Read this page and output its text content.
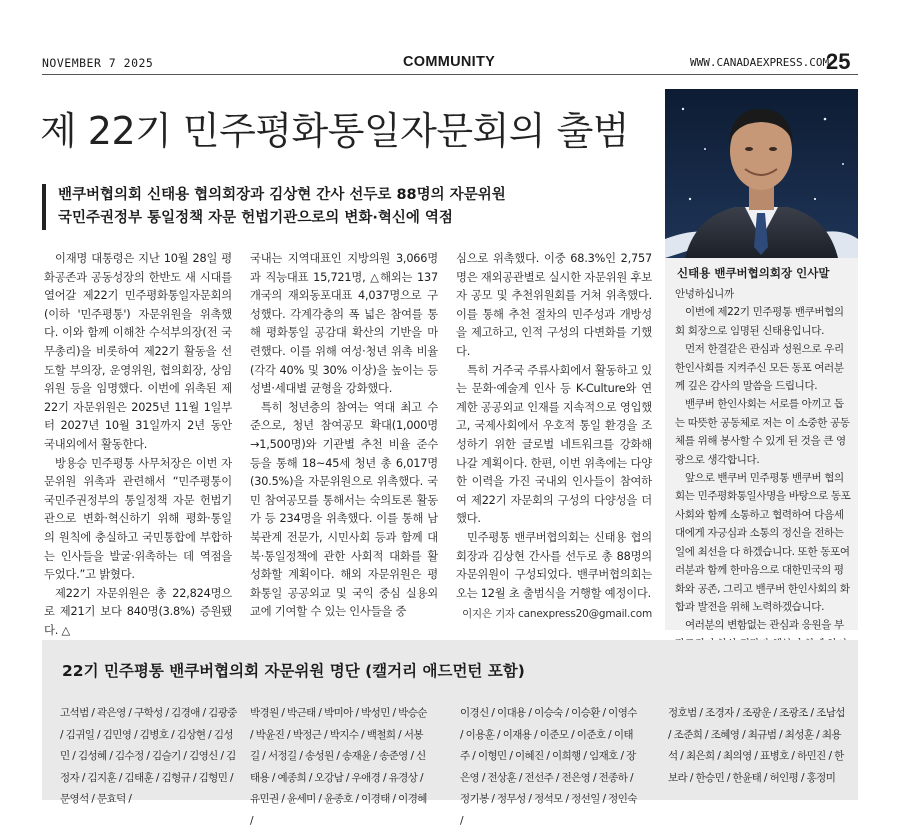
NOVEMBER 7 2025	COMMUNITY	WWW.CANADAEXPRESS.COM
25
제 22기 민주평화통일자문회의 출범
밴쿠버협의회 신태용 협의회장과 김상현 간사 선두로 88명의 자문위원
국민주권정부 통일정책 자문 헌법기관으로의 변화·혁신에 역점

이재명 대통령은 지난 10월 28일 평화공존과 공동성장의 한반도 새 시대를 열어갈 제22기 민주평화통일자문회의(이하 '민주평통') 자문위원을 위촉했다. 이와 함께 이해찬 수석부의장(전 국무총리)을 비롯하여 제22기 활동을 선도할 부의장, 운영위원, 협의회장, 상임위원 등을 임명했다. 이번에 위촉된 제22기 자문위원은 2025년 11월 1일부터 2027년 10월 31일까지 2년 동안 국내외에서 활동한다.

방용승 민주평통 사무처장은 이번 자문위원 위촉과 관련해서 “민주평통이 국민주권정부의 통일정책 자문 헌법기관으로 변화·혁신하기 위해 평화·통일의 원칙에 충실하고 국민통합에 부합하는 인사들을 발굴·위촉하는 데 역점을 두었다.”고 밝혔다.

제22기 자문위원은 총 22,824명으로 제21기 보다 840명(3.8%) 증원됐다. △

국내는 지역대표인 지방의원 3,066명과 직능대표 15,721명, △해외는 137개국의 재외동포대표 4,037명으로 구성했다. 각계각층의 폭 넓은 참여를 통해 평화통일 공감대 확산의 기반을 마련했다. 이를 위해 여성·청년 위촉 비율(각각 40% 및 30% 이상)을 높이는 등 성별·세대별 균형을 강화했다.

특히 청년층의 참여는 역대 최고 수준으로, 청년 참여공모 확대(1,000명→1,500명)와 기관별 추천 비율 준수 등을 통해 18~45세 청년 총 6,017명(30.5%)을 자문위원으로 위촉했다. 국민 참여공모를 통해서는 숙의토론 활동가 등 234명을 위촉했다. 이를 통해 남북관계 전문가, 시민사회 등과 함께 대북·통일정책에 관한 사회적 대화를 활성화할 계획이다. 해외 자문위원은 평화통일 공공외교 및 국익 중심 실용외교에 기여할 수 있는 인사들을 중

심으로 위촉했다. 이중 68.3%인 2,757명은 재외공관별로 실시한 자문위원 후보자 공모 및 추천위원회를 거쳐 위촉했다. 이를 통해 추천 절차의 민주성과 개방성을 제고하고, 인적 구성의 다변화를 기했다.

특히 거주국 주류사회에서 활동하고 있는 문화·예술계 인사 등 K-Culture와 연계한 공공외교 인재를 지속적으로 영입했고, 국제사회에서 우호적 통일 환경을 조성하기 위한 글로벌 네트워크를 강화해 나갈 계획이다. 한편, 이번 위촉에는 다양한 이력을 가진 국내외 인사들이 참여하여 제22기 자문회의 구성의 다양성을 더했다.

민주평통 밴쿠버협의회는 신태용 협의회장과 김상현 간사를 선두로 총 88명의 자문위원이 구성되었다. 밴쿠버협의회는 오는 12월 초 출범식을 거행할 예정이다.

이지은 기자 canexpress20@gmail.com
신태용 밴쿠버협의회장 인사말

안녕하십니까

이번에 제22기 민주평통 밴쿠버협의회 회장으로 임명된 신태용입니다.

먼저 한결같은 관심과 성원으로 우리 한인사회를 지켜주신 모든 동포 여러분께 깊은 감사의 말씀을 드립니다.

밴쿠버 한인사회는 서로를 아끼고 돕는 따뜻한 공동체로 저는 이 소중한 공동체를 위해 봉사할 수 있게 된 것을 큰 영광으로 생각합니다.

앞으로 밴쿠버 민주평통 밴쿠버 협의회는 민주평화통일사명을 바탕으로 동포사회와 함께 소통하고 협력하여 다음세대에게 자긍심과 소통의 정신을 전하는 일에 최선을 다 하겠습니다. 또한 동포여러분과 함께 한마음으로 대한민국의 평화와 공존, 그리고 밴쿠버 한인사회의 화합과 발전을 위해 노력하겠습니다.

여러분의 변함없는 관심과 응원을 부

22기 민주평통 밴쿠버협의회 자문위원 명단 (캘거리 애드먼턴 포함)
고석범 / 곽은영 / 구학성 / 김경애 / 김광중 / 김귀일 / 김민영 / 김병호 / 김상현 / 김성민 / 김성혜 / 김수정 / 김슬기 / 김영신 / 김정자 / 김지훈 / 김태훈 / 김형규 / 김형민 / 문영석 / 문효덕 /
박경원 / 박근태 / 박미아 / 박성민 / 박승순 / 박윤진 / 박정근 / 박지수 / 백철희 / 서봉길 / 서정길 / 송성원 / 송재윤 / 송준영 / 신태용 / 예종희 / 오강남 / 우애경 / 유경상 / 유민권 / 윤세미 / 윤종호 / 이경태 / 이경혜 /
이경신 / 이대용 / 이승숙 / 이승환 / 이영수 / 이용훈 / 이재용 / 이준모 / 이준호 / 이태주 / 이형민 / 이혜진 / 이희행 / 임재호 / 장은영 / 전상훈 / 전선주 / 전은영 / 전종하 / 정기봉 / 정무성 / 정석모 / 정선일 / 정인숙 /
정호범 / 조경자 / 조광운 / 조광조 / 조남섭 / 조준희 / 조혜영 / 최규범 / 최성훈 / 최용석 / 최은희 / 최의영 / 표병호 / 하민진 / 한보라 / 한승민 / 한윤태 / 허인평 / 홍정미
